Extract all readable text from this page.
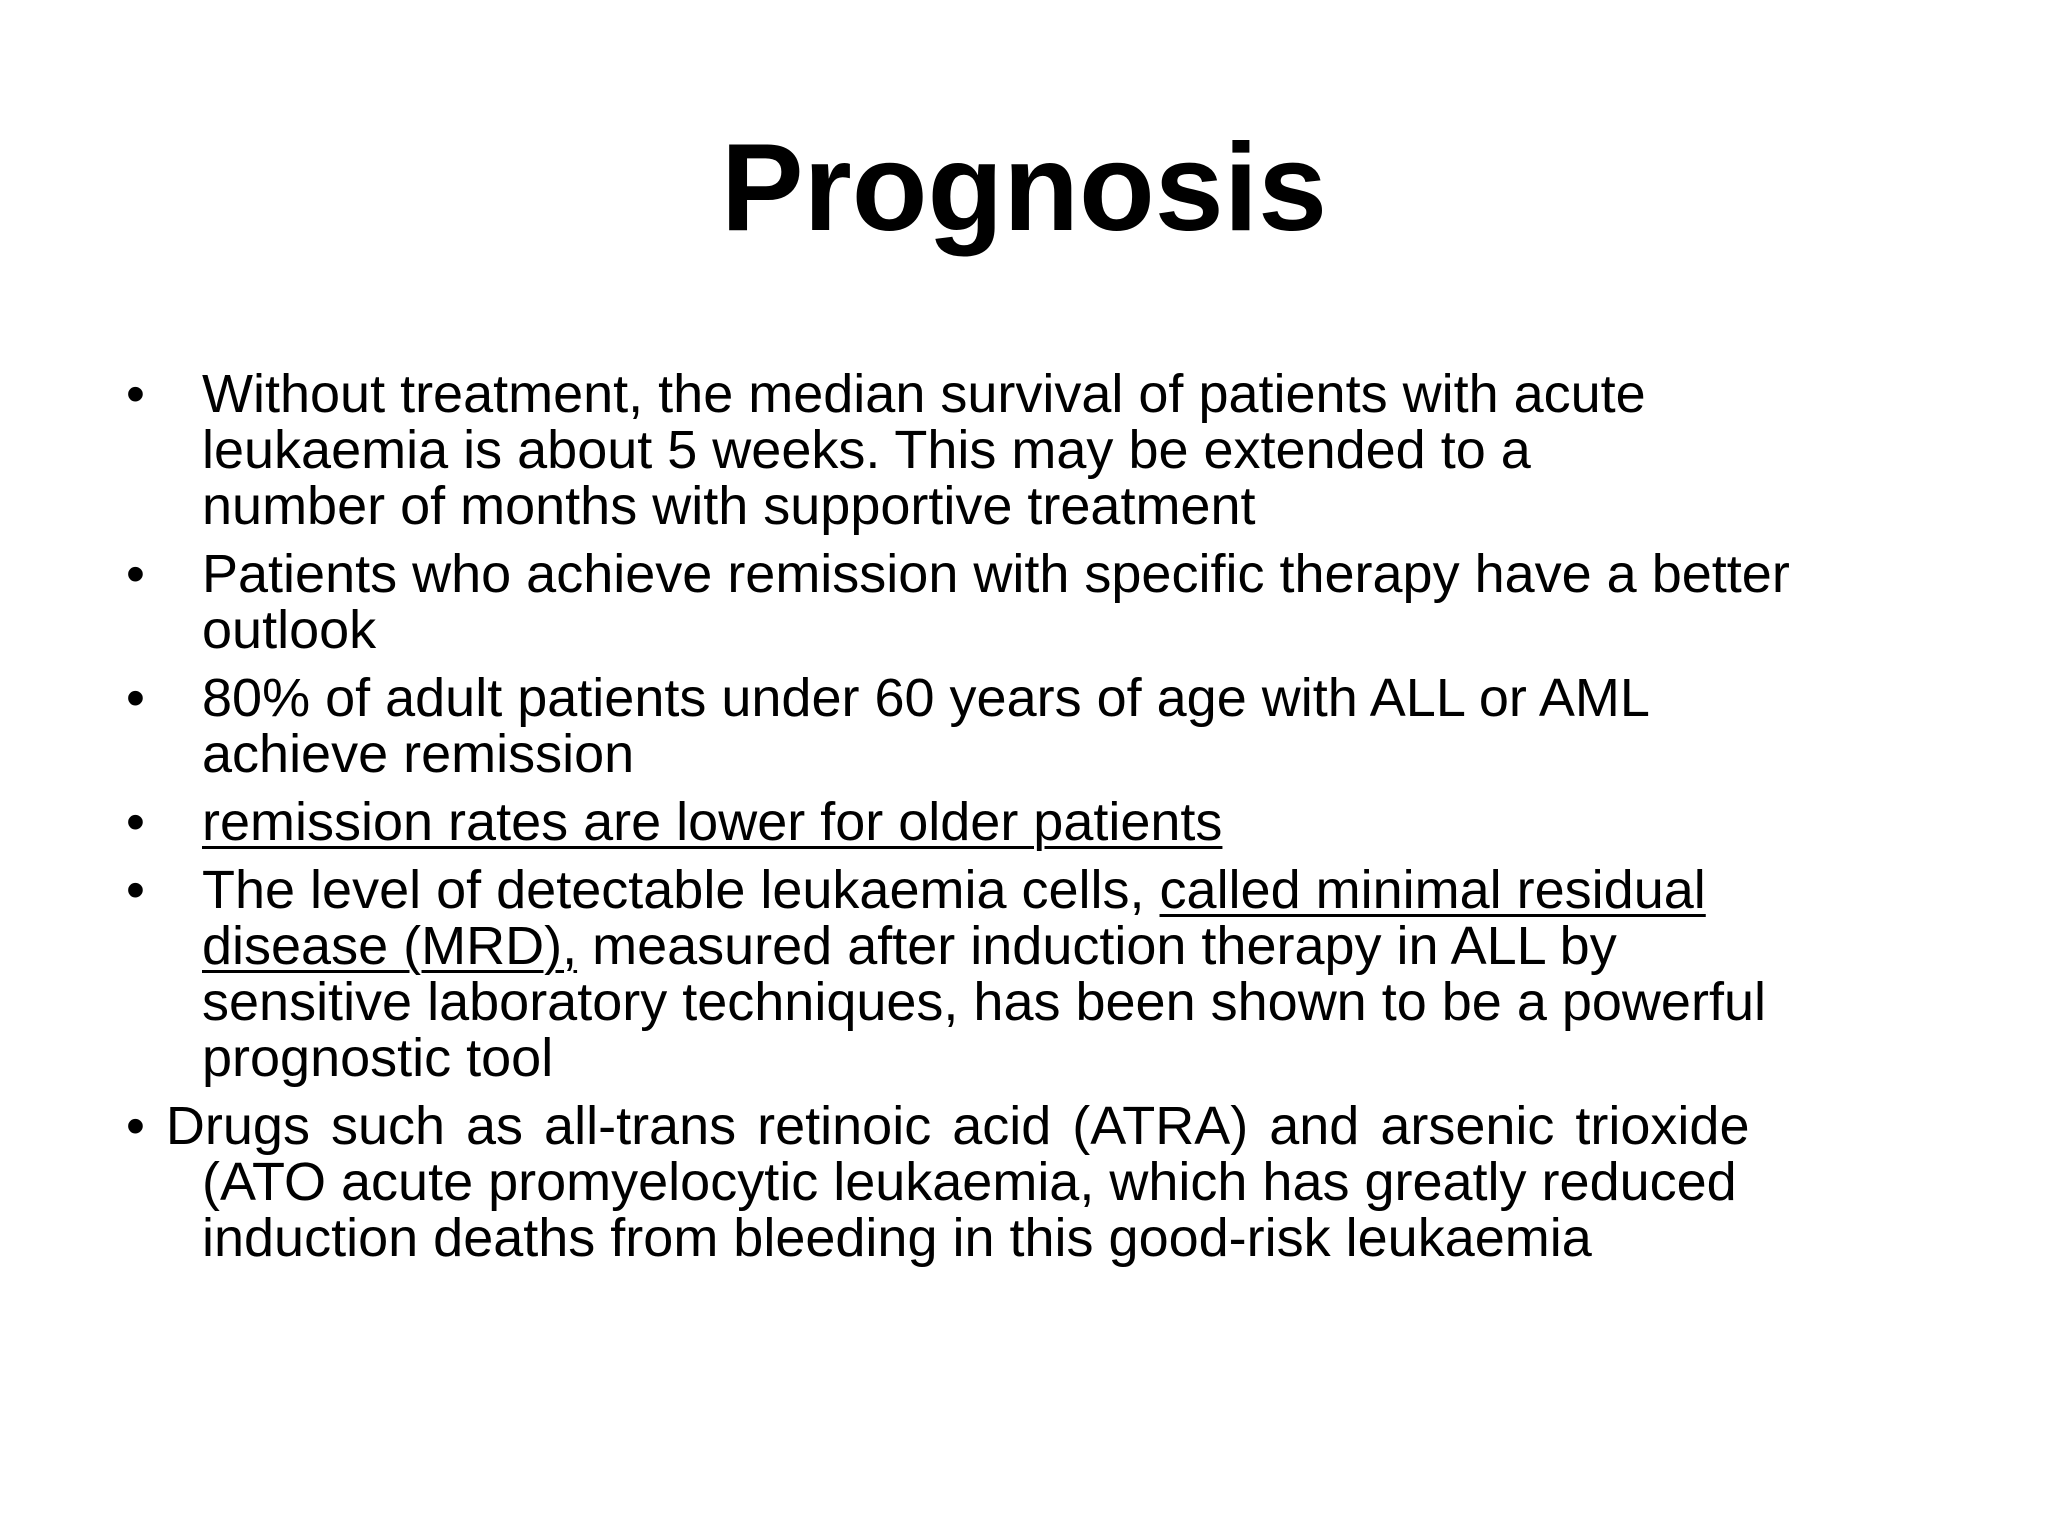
Prognosis
•	Without treatment, the median survival of patients with acute
leukaemia is about 5 weeks. This may be extended to a
number of months with supportive treatment
•	Patients who achieve remission with specific therapy have a better
outlook
•	80% of adult patients under 60 years of age with ALL or AML
achieve remission
•	remission rates are lower for older patients
•	The level of detectable leukaemia cells, called minimal residual
disease (MRD), measured after induction therapy in ALL by
sensitive laboratory techniques, has been shown to be a powerful
prognostic tool
• Drugs such as all-trans retinoic acid (ATRA) and arsenic trioxide
(ATO acute promyelocytic leukaemia, which has greatly reduced
induction deaths from bleeding in this good-risk leukaemia
